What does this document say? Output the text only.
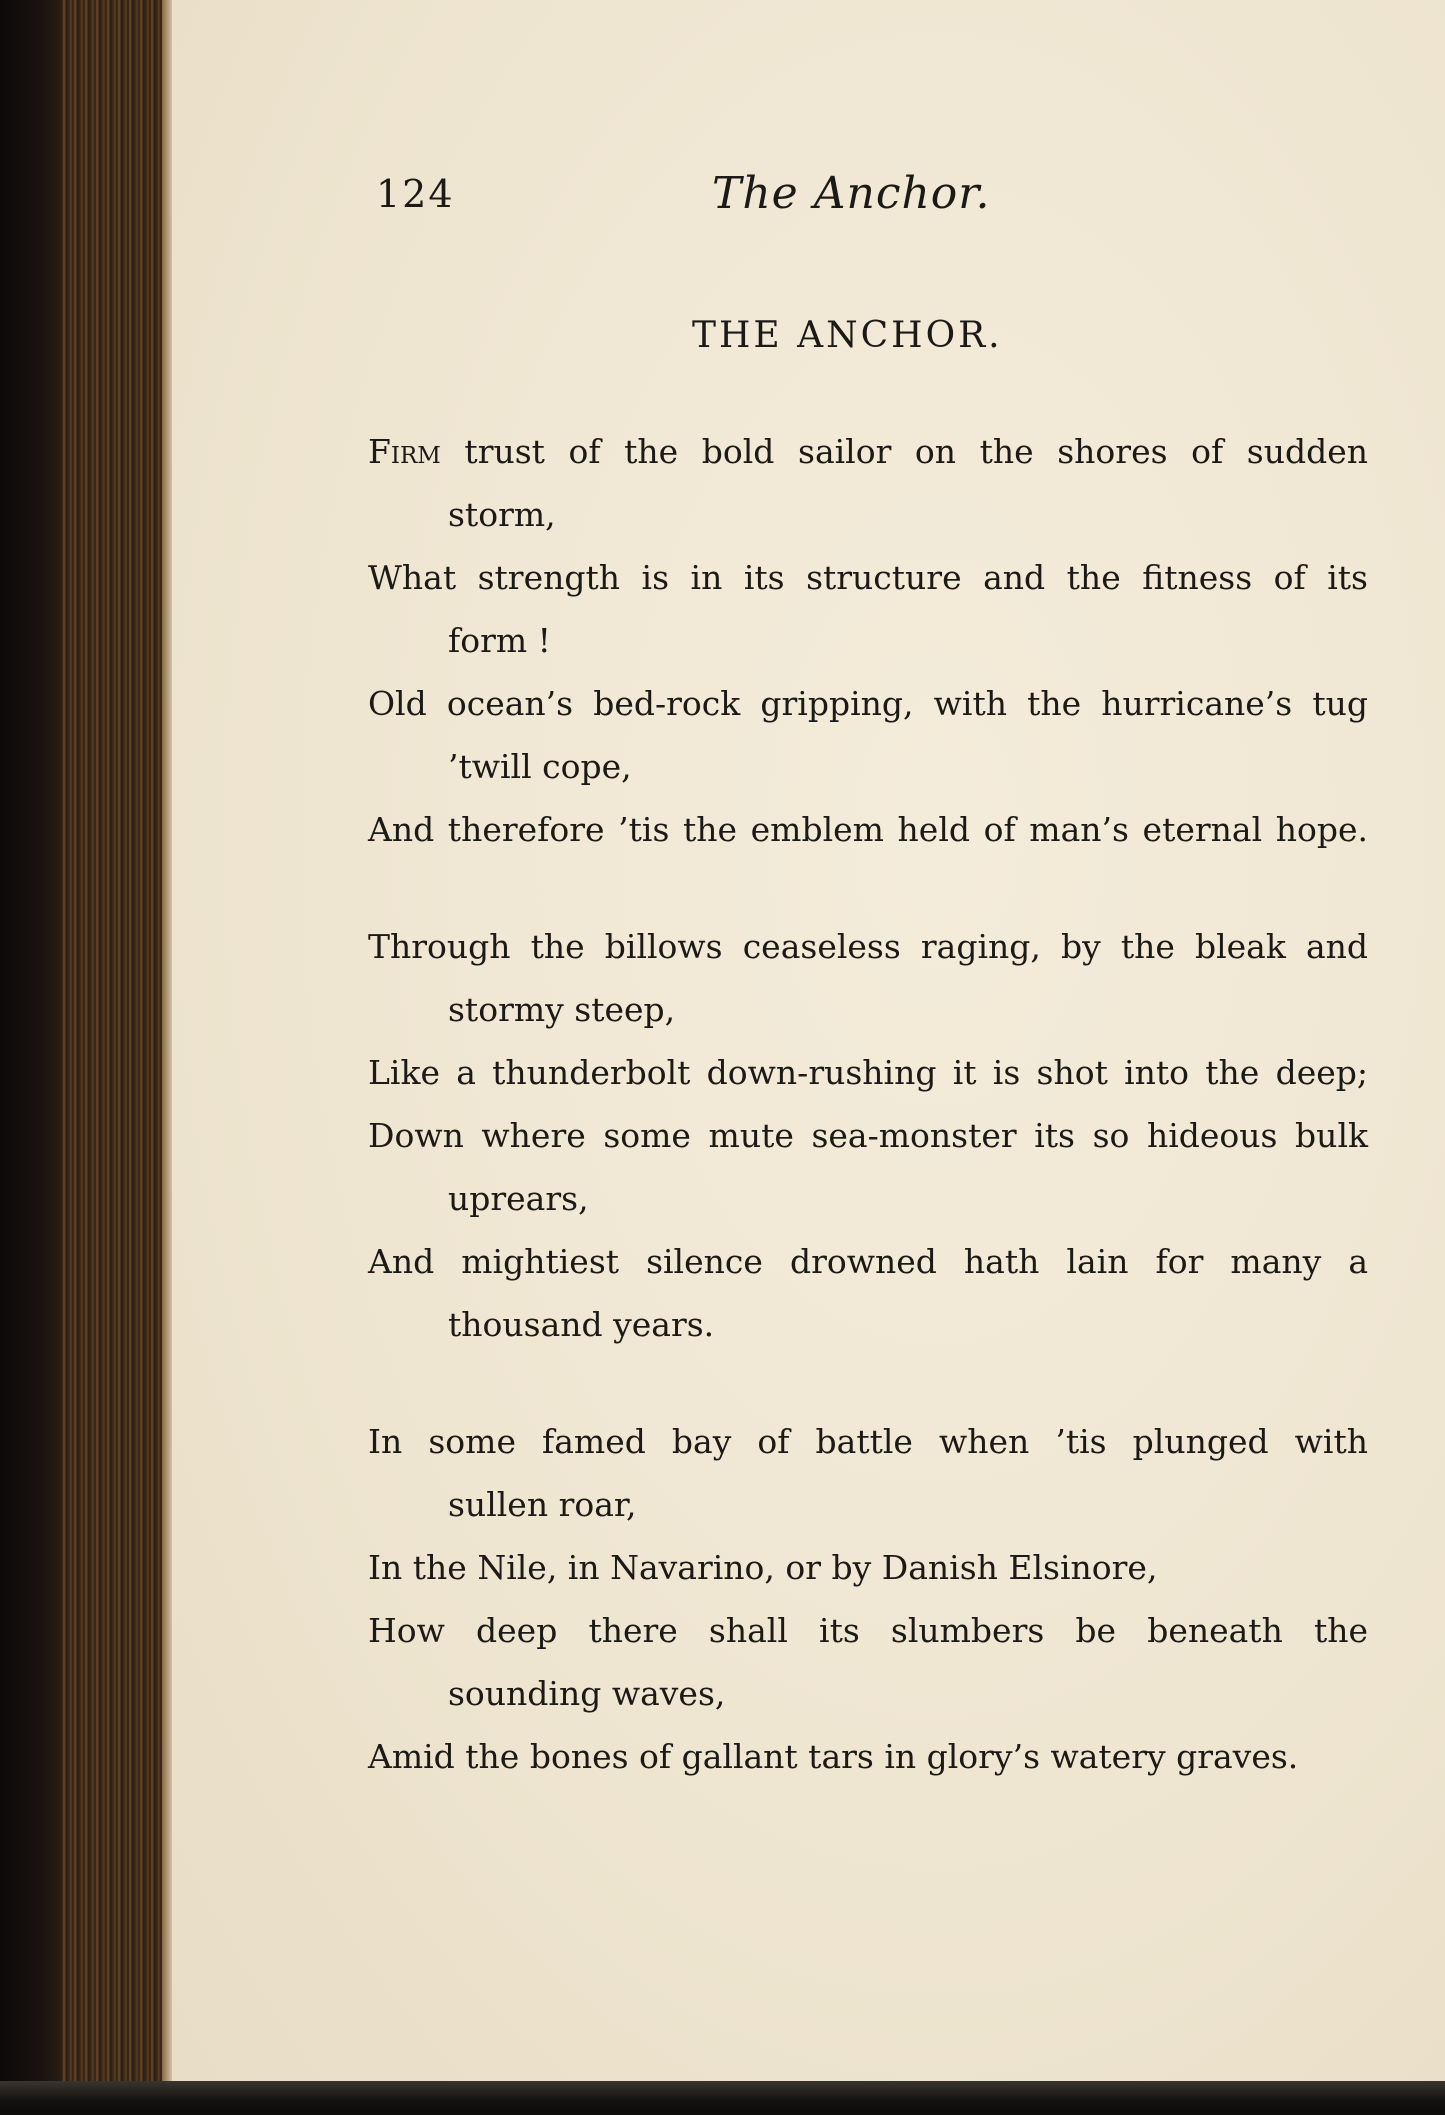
124	The Anchor.
THE ANCHOR.
Firm trust of the bold sailor on the shores of sudden
storm,
What strength is in its structure and the fitness of its
form !
Old ocean’s bed-rock gripping, with the hurricane’s tug
’twill cope,
And therefore ’tis the emblem held of man’s eternal hope.
Through the billows ceaseless raging, by the bleak and
stormy steep,
Like a thunderbolt down-rushing it is shot into the deep;
Down where some mute sea-monster its so hideous bulk
uprears,
And mightiest silence drowned hath lain for many a
thousand years.
In some famed bay of battle when ’tis plunged with
sullen roar,
In the Nile, in Navarino, or by Danish Elsinore,
How deep there shall its slumbers be beneath the
sounding waves,
Amid the bones of gallant tars in glory’s watery graves.
